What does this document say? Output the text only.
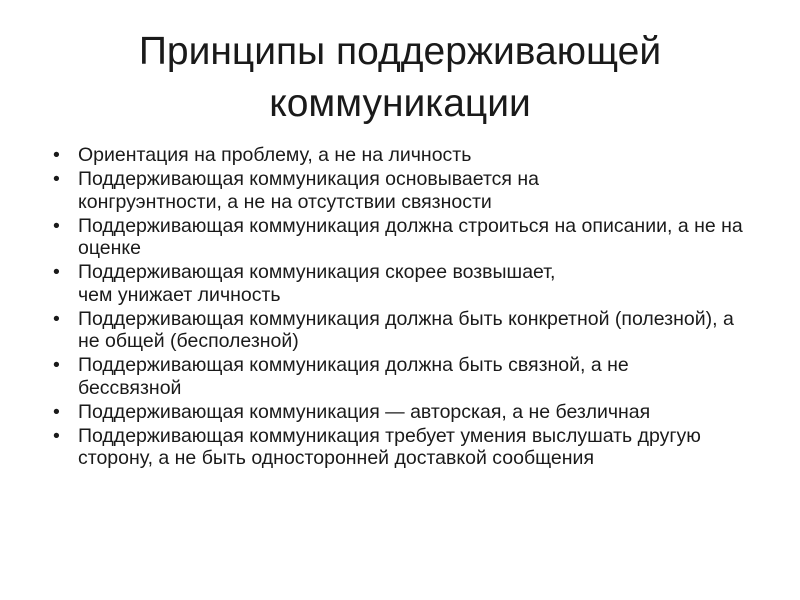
Принципы поддерживающей
коммуникации
• Ориентация на проблему, а не на личность
• Поддерживающая коммуникация основывается на конгруэнтности, а не на отсутствии связности
• Поддерживающая коммуникация должна строиться на описании, а не на оценке
• Поддерживающая коммуникация скорее возвышает, чем унижает личность
• Поддерживающая коммуникация должна быть конкретной (полезной), а не общей (бесполезной)
• Поддерживающая коммуникация должна быть связной, а не бессвязной
• Поддерживающая коммуникация — авторская, а не безличная
• Поддерживающая коммуникация требует умения выслушать другую сторону, а не быть односторонней доставкой сообщения
